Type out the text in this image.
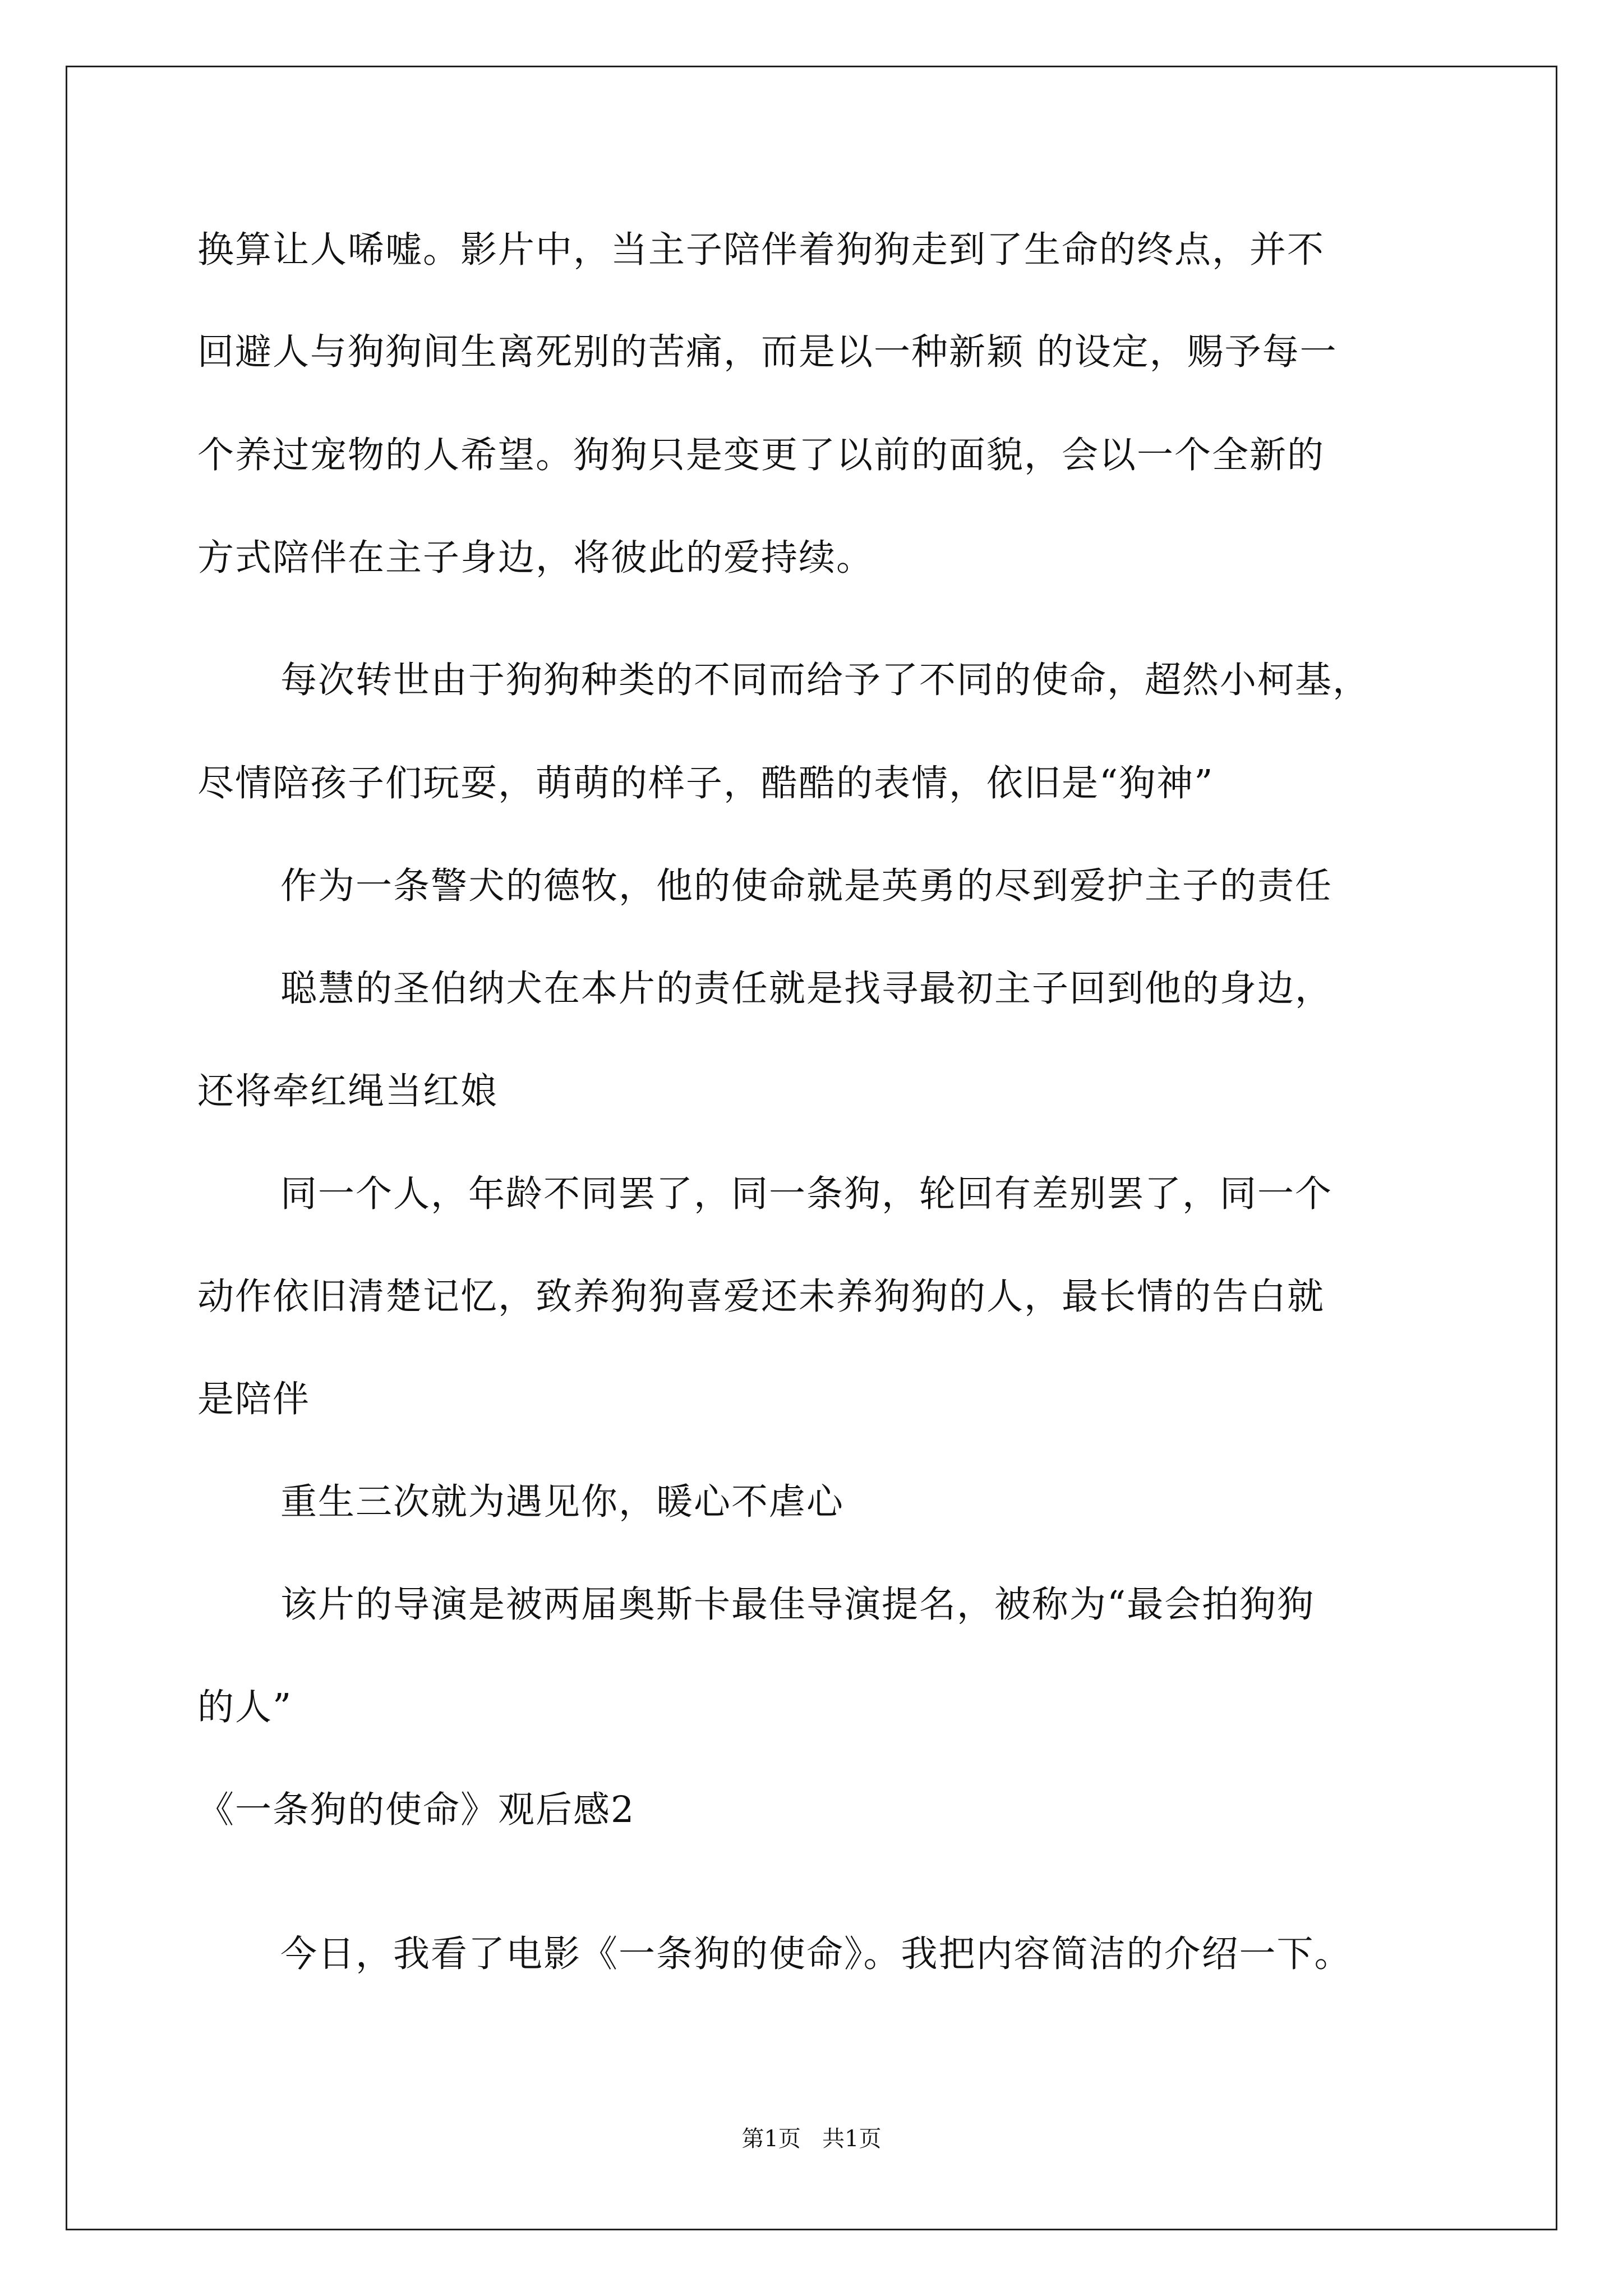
换算让人唏嘘。影片中，当主子陪伴着狗狗走到了生命的终点，并不
回避人与狗狗间生离死别的苦痛，而是以一种新颖 的设定，赐予每一
个养过宠物的人希望。狗狗只是变更了以前的面貌，会以一个全新的
方式陪伴在主子身边，将彼此的爱持续。
每次转世由于狗狗种类的不同而给予了不同的使命，超然小柯基，
尽情陪孩子们玩耍，萌萌的样子，酷酷的表情，依旧是“狗神”
作为一条警犬的德牧，他的使命就是英勇的尽到爱护主子的责任
聪慧的圣伯纳犬在本片的责任就是找寻最初主子回到他的身边，
还将牵红绳当红娘
同一个人，年龄不同罢了，同一条狗，轮回有差别罢了，同一个
动作依旧清楚记忆，致养狗狗喜爱还未养狗狗的人，最长情的告白就
是陪伴
重生三次就为遇见你，暖心不虐心
该片的导演是被两届奥斯卡最佳导演提名，被称为“最会拍狗狗
的人”
《一条狗的使命》观后感2
今日，我看了电影《一条狗的使命》。我把内容简洁的介绍一下。
第1页   共1页
